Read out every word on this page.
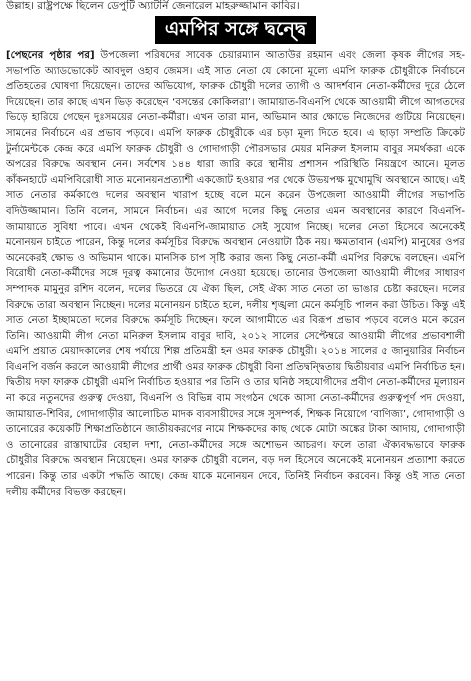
উল্লাহ। রাষ্ট্রপক্ষে ছিলেন ডেপুটি অ্যাটর্নি জেনারেল মাহরুজ্জামান কাবির।

এমপির সঙ্গে দ্বন্দ্বে

[পেছনের পৃষ্ঠার পর] উপজেলা পরিষদের সাবেক চেয়ারম্যান আতাউর রহমান এবং জেলা কৃষক লীগের সহ-সভাপতি অ্যাডভোকেট আবদুল ওহাব জেমস। এই সাত নেতা যে কোনো মূল্যে এমপি ফারুক চৌধুরীকে নির্বাচনে প্রতিহতের ঘোষণা দিয়েছেন। তাদের অভিযোগ, ফারুক চৌধুরী দলের ত্যাগী ও আদর্শবান নেতা-কর্মীদের দূরে ঠেলে দিয়েছেন। তার কাছে এখন ভিড় করেছেন ‘বসন্তের কোকিলরা’। জামায়াত-বিএনপি থেকে আওয়ামী লীগে আগতদের ভিড়ে হারিয়ে গেছেন দুঃসময়ের নেতা-কর্মীরা। এখন তারা মান, অভিমান আর ক্ষোভে নিজেদের গুটিয়ে নিয়েছেন। সামনের নির্বাচনে এর প্রভাব পড়বে। এমপি ফারুক চৌধুরীকে এর চড়া মূল্য দিতে হবে। এ ছাড়া সম্প্রতি ক্রিকেট টুর্নামেন্টকে কেন্দ্র করে এমপি ফারুক চৌধুরী ও গোদাগাড়ী পৌরসভার মেয়র মনিরুল ইসলাম বাবুর সমর্থকরা একে অপরের বিরুদ্ধে অবস্থান নেন। সর্বশেষ ১৪৪ ধারা জারি করে স্থানীয় প্রশাসন পরিস্থিতি নিয়ন্ত্রণে আনে। মূলত কাঁকনহাটে এমপিবিরোধী সাত মনোনয়নপ্রত্যাশী একজোট হওয়ার পর থেকে উভয়পক্ষ মুখোমুখি অবস্থানে আছে। এই সাত নেতার কর্মকাণ্ডে দলের অবস্থান খারাপ হচ্ছে বলে মনে করেন উপজেলা আওয়ামী লীগের সভাপতি বদিউজ্জামান। তিনি বলেন, সামনে নির্বাচন। এর আগে দলের কিছু নেতার এমন অবস্থানের কারণে বিএনপি-জামায়াতে সুবিধা পাবে। এখন থেকেই বিএনপি-জামায়াত সেই সুযোগ নিচ্ছে। দলের নেতা হিসেবে অনেকেই মনোনয়ন চাইতে পারেন, কিন্তু দলের কর্মসূচির বিরুদ্ধে অবস্থান নেওয়াটা ঠিক নয়। ক্ষমতাবান (এমপি) মানুষের ওপর অনেকেরই ক্ষোভ ও অভিমান থাকে। মানসিক চাপ সৃষ্টি করার জন্য কিছু নেতা-কর্মী এমপির বিরুদ্ধে বলছেন। এমপি বিরোধী নেতা-কর্মীদের সঙ্গে দূরত্ব কমানোর উদ্যোগ নেওয়া হয়েছে। তানোর উপজেলা আওয়ামী লীগের সাধারণ সম্পাদক মামুনুর রশিদ বলেন, দলের ভিতরে যে ঐক্য ছিল, সেই ঐক্য সাত নেতা তা ভাঙার চেষ্টা করছেন। দলের বিরুদ্ধে তারা অবস্থান নিচ্ছেন। দলের মনোনয়ন চাইতে হলে, দলীয় শৃঙ্খলা মেনে কর্মসূচি পালন করা উচিত। কিন্তু এই সাত নেতা ইচ্ছামতো দলের বিরুদ্ধে কর্মসূচি দিচ্ছেন। ফলে আগামীতে এর বিরূপ প্রভাব পড়বে বলেও মনে করেন তিনি। আওয়ামী লীগ নেতা মনিরুল ইসলাম বাবুর দাবি, ২০১২ সালের সেপ্টেম্বরে আওয়ামী লীগের প্রভাবশালী এমপি প্রয়াত মেয়াদকালের শেষ পর্যায়ে শিল্প প্রতিমন্ত্রী হন ওমর ফারুক চৌধুরী। ২০১৪ সালের ৫ জানুয়ারির নির্বাচন বিএনপি বর্জন করলে আওয়ামী লীগের প্রার্থী ওমর ফারুক চৌধুরী বিনা প্রতিদ্বন্দ্বিতায় দ্বিতীয়বার এমপি নির্বাচিত হন। দ্বিতীয় দফা ফারুক চৌধুরী এমপি নির্বাচিত হওয়ার পর তিনি ও তার ঘনিষ্ঠ সহযোগীদের প্রবীণ নেতা-কর্মীদের মূল্যায়ন না করে নতুনদের গুরুত্ব দেওয়া, বিএনপি ও বিভিন্ন বাম সংগঠন থেকে আসা নেতা-কর্মীদের গুরুত্বপূর্ণ পদ দেওয়া, জামায়াত-শিবির, গোদাগাড়ীর আলোচিত মাদক ব্যবসায়ীদের সঙ্গে সুসম্পর্ক, শিক্ষক নিয়োগে ‘বাণিজ্য’, গোদাগাড়ী ও তানোরের কয়েকটি শিক্ষাপ্রতিষ্ঠানে জাতীয়করণের নামে শিক্ষকদের কাছ থেকে মোটা অঙ্কের টাকা আদায়, গোদাগাড়ী ও তানোরের রাস্তাঘাটের বেহাল দশা, নেতা-কর্মীদের সঙ্গে অশোভন আচরণ। ফলে তারা ঐক্যবদ্ধভাবে ফারুক চৌধুরীর বিরুদ্ধে অবস্থান নিয়েছেন। ওমর ফারুক চৌধুরী বলেন, বড় দল হিসেবে অনেকেই মনোনয়ন প্রত্যাশা করতে পারেন। কিন্তু তার একটা পদ্ধতি আছে। কেন্দ্র যাকে মনোনয়ন দেবে, তিনিই নির্বাচন করবেন। কিন্তু ওই সাত নেতা দলীয় কর্মীদের বিভক্ত করছেন।
